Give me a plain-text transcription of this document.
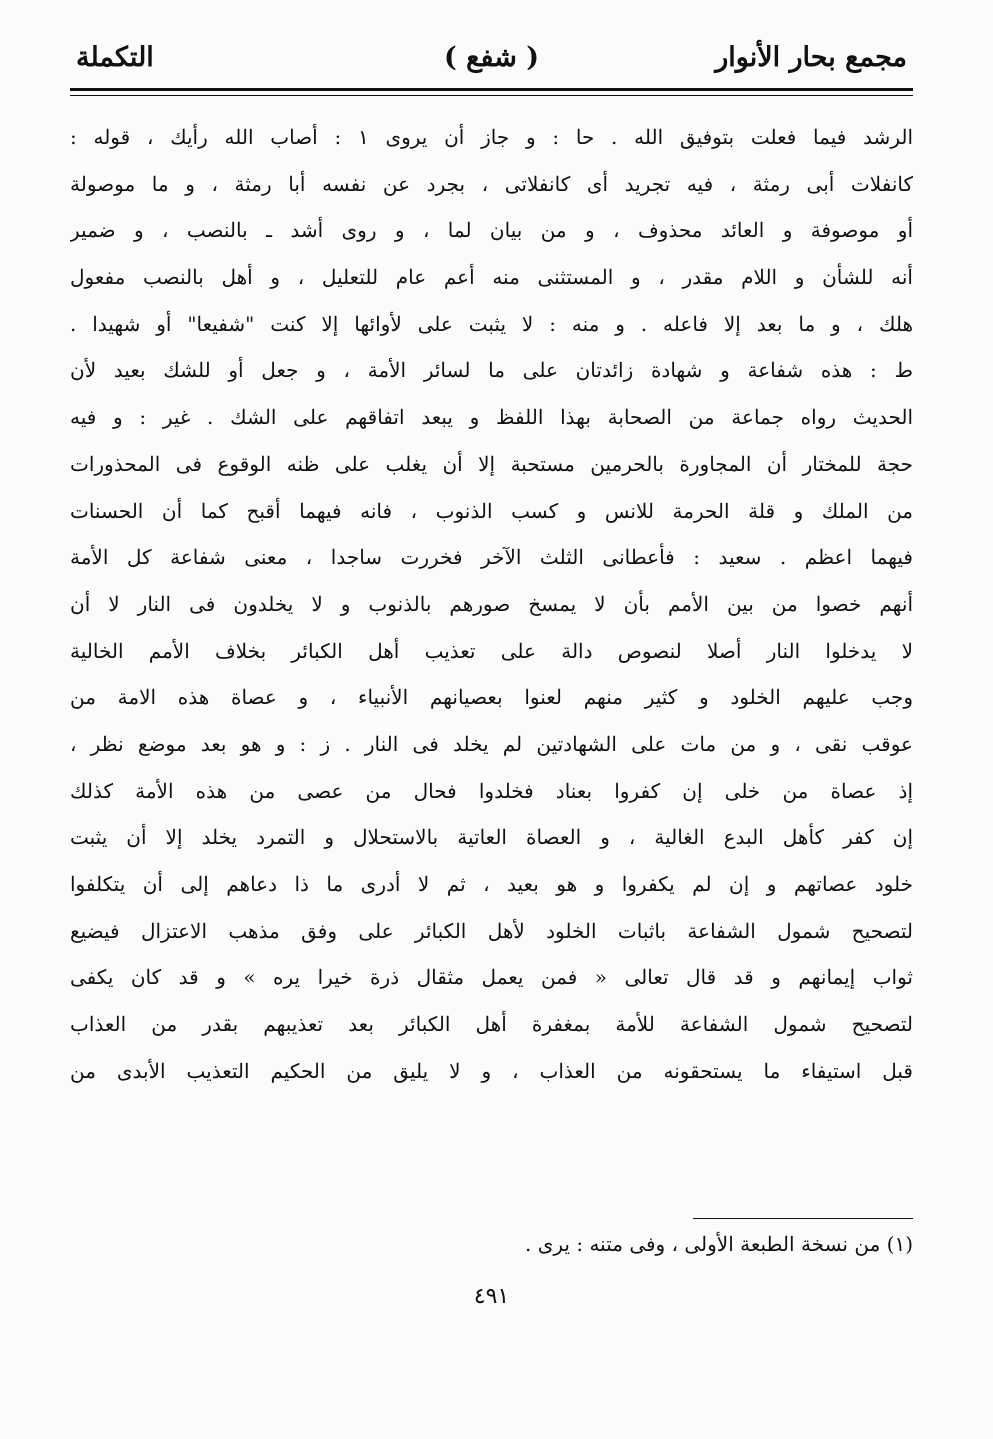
مجمع بحار الأنوار
( شفع )
التكملة
الرشد فيما فعلت بتوفيق الله . حا : و جاز أن يروى ١ : أصاب الله رأيك ، قوله :
كانفلات أبى رمثة ، فيه تجريد أى كانفلاتى ، بجرد عن نفسه أبا رمثة ، و ما موصولة
أو موصوفة و العائد محذوف ، و من بيان لما ، و روى أشد ـ بالنصب ، و ضمير
أنه للشأن و اللام مقدر ، و المستثنى منه أعم عام للتعليل ، و أهل بالنصب مفعول
هلك ، و ما بعد إلا فاعله . و منه : لا يثبت على لأوائها إلا كنت "شفيعا" أو شهيدا .
ط : هذه شفاعة و شهادة زائدتان على ما لسائر الأمة ، و جعل أو للشك بعيد لأن
الحديث رواه جماعة من الصحابة بهذا اللفظ و يبعد اتفاقهم على الشك . غير : و فيه
حجة للمختار أن المجاورة بالحرمين مستحبة إلا أن يغلب على ظنه الوقوع فى المحذورات
من الملك و قلة الحرمة للانس و كسب الذنوب ، فانه فيهما أقبح كما أن الحسنات
فيهما اعظم . سعيد : فأعطانى الثلث الآخر فخررت ساجدا ، معنى شفاعة كل الأمة
أنهم خصوا من بين الأمم بأن لا يمسخ صورهم بالذنوب و لا يخلدون فى النار لا أن
لا يدخلوا النار أصلا لنصوص دالة على تعذيب أهل الكبائر بخلاف الأمم الخالية
وجب عليهم الخلود و كثير منهم لعنوا بعصيانهم الأنبياء ، و عصاة هذه الامة من
عوقب نقى ، و من مات على الشهادتين لم يخلد فى النار . ز : و هو بعد موضع نظر ،
إذ عصاة من خلى إن كفروا بعناد فخلدوا فحال من عصى من هذه الأمة كذلك
إن كفر كأهل البدع الغالية ، و العصاة العاتية بالاستحلال و التمرد يخلد إلا أن يثبت
خلود عصاتهم و إن لم يكفروا و هو بعيد ، ثم لا أدرى ما ذا دعاهم إلى أن يتكلفوا
لتصحيح شمول الشفاعة باثبات الخلود لأهل الكبائر على وفق مذهب الاعتزال فيضيع
ثواب إيمانهم و قد قال تعالى « فمن يعمل مثقال ذرة خيرا يره » و قد كان يكفى
لتصحيح شمول الشفاعة للأمة بمغفرة أهل الكبائر بعد تعذيبهم بقدر من العذاب
قبل استيفاء ما يستحقونه من العذاب ، و لا يليق من الحكيم التعذيب الأبدى من
(١) من نسخة الطبعة الأولى ، وفى متنه : يرى .
٤٩١
